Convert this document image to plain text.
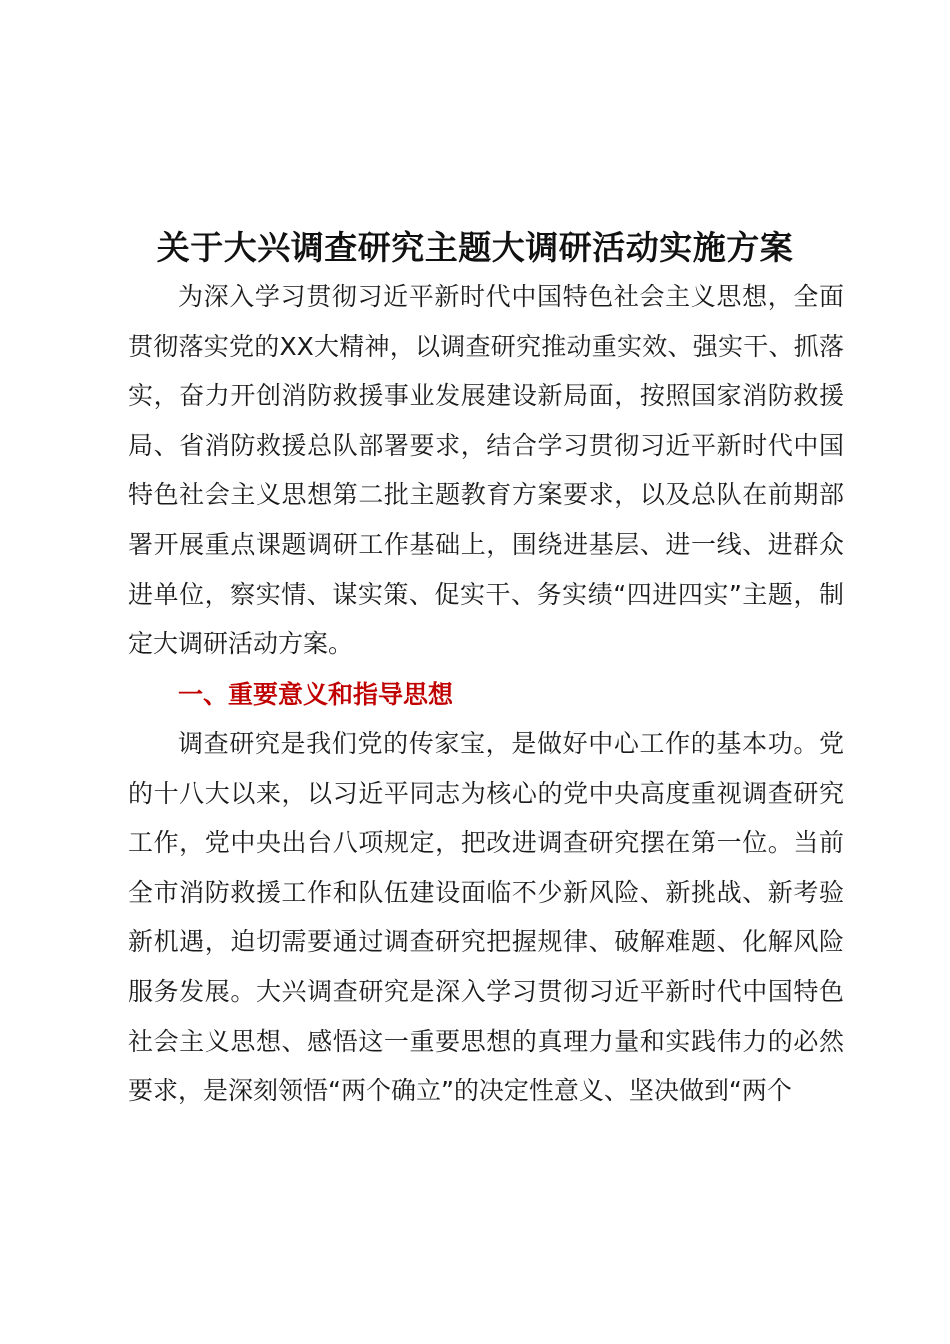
关于大兴调查研究主题大调研活动实施方案

为深入学习贯彻习近平新时代中国特色社会主义思想，全面贯彻落实党的XX大精神，以调查研究推动重实效、强实干、抓落实，奋力开创消防救援事业发展建设新局面，按照国家消防救援局、省消防救援总队部署要求，结合学习贯彻习近平新时代中国特色社会主义思想第二批主题教育方案要求，以及总队在前期部署开展重点课题调研工作基础上，围绕进基层、进一线、进群众进单位，察实情、谋实策、促实干、务实绩“四进四实”主题，制定大调研活动方案。

一、重要意义和指导思想

调查研究是我们党的传家宝，是做好中心工作的基本功。党的十八大以来，以习近平同志为核心的党中央高度重视调查研究工作，党中央出台八项规定，把改进调查研究摆在第一位。当前全市消防救援工作和队伍建设面临不少新风险、新挑战、新考验新机遇，迫切需要通过调查研究把握规律、破解难题、化解风险服务发展。大兴调查研究是深入学习贯彻习近平新时代中国特色社会主义思想、感悟这一重要思想的真理力量和实践伟力的必然要求，是深刻领悟“两个确立”的决定性意义、坚决做到“两个
